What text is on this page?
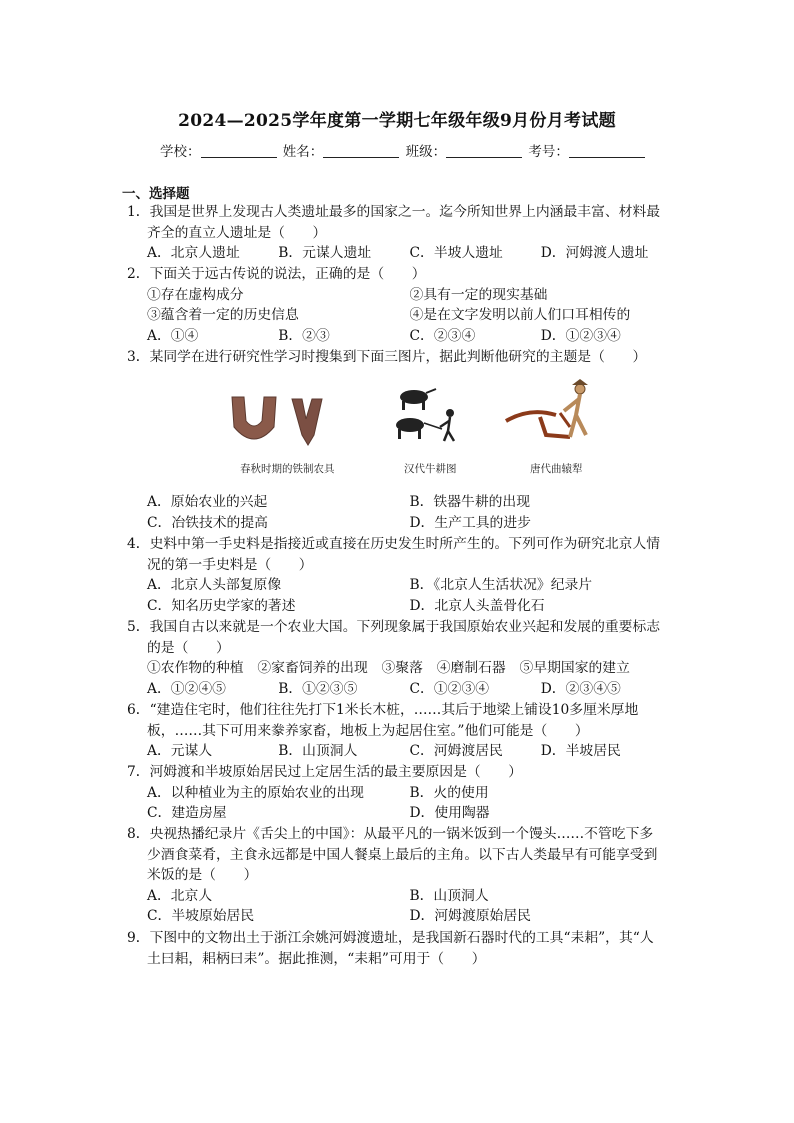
2024—2025学年度第一学期七年级年级9月份月考试题
学校：	姓名：	班级：	考号：
一、选择题
1．我国是世界上发现古人类遗址最多的国家之一。迄今所知世界上内涵最丰富、材料最
齐全的直立人遗址是（　　）
A．北京人遗址	B．元谋人遗址	C．半坡人遗址	D．河姆渡人遗址
2．下面关于远古传说的说法，正确的是（　　）
①存在虚构成分	②具有一定的现实基础
③蕴含着一定的历史信息	④是在文字发明以前人们口耳相传的
A．①④	B．②③	C．②③④	D．①②③④
3．某同学在进行研究性学习时搜集到下面三图片，据此判断他研究的主题是（　　）
春秋时期的铁制农具	汉代牛耕图	唐代曲辕犁
A．原始农业的兴起	B．铁器牛耕的出现
C．冶铁技术的提高	D．生产工具的进步
4．史料中第一手史料是指接近或直接在历史发生时所产生的。下列可作为研究北京人情
况的第一手史料是（　　）
A．北京人头部复原像	B．《北京人生活状况》纪录片
C．知名历史学家的著述	D．北京人头盖骨化石
5．我国自古以来就是一个农业大国。下列现象属于我国原始农业兴起和发展的重要标志
的是（　　）
①农作物的种植　②家畜饲养的出现　③聚落　④磨制石器　⑤早期国家的建立
A．①②④⑤	B．①②③⑤	C．①②③④	D．②③④⑤
6．“建造住宅时，他们往往先打下1米长木桩，……其后于地梁上铺设10多厘米厚地
板，……其下可用来豢养家畜，地板上为起居住室。”他们可能是（　　）
A．元谋人	B．山顶洞人	C．河姆渡居民	D．半坡居民
7．河姆渡和半坡原始居民过上定居生活的最主要原因是（　　）
A．以种植业为主的原始农业的出现	B．火的使用
C．建造房屋	D．使用陶器
8．央视热播纪录片《舌尖上的中国》：从最平凡的一锅米饭到一个馒头……不管吃下多
少酒食菜肴，主食永远都是中国人餐桌上最后的主角。以下古人类最早有可能享受到
米饭的是（　　）
A．北京人	B．山顶洞人
C．半坡原始居民	D．河姆渡原始居民
9．下图中的文物出土于浙江余姚河姆渡遗址，是我国新石器时代的工具“耒耜”，其“人
土曰耜，耜柄曰耒”。据此推测，“耒耜”可用于（　　）
